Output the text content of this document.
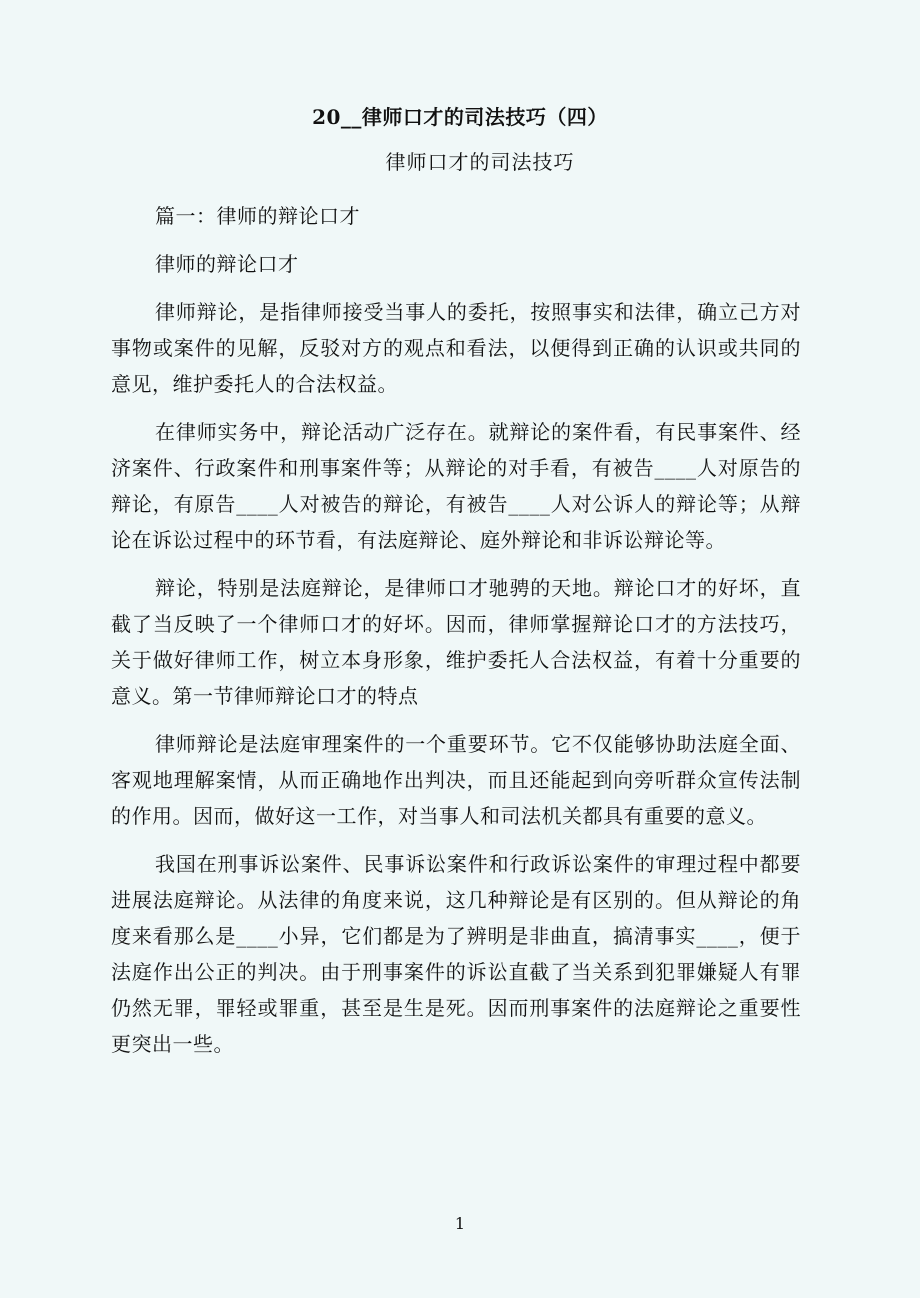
20__律师口才的司法技巧（四）
律师口才的司法技巧

篇一：律师的辩论口才

律师的辩论口才

律师辩论，是指律师接受当事人的委托，按照事实和法律，确立己方对事物或案件的见解，反驳对方的观点和看法，以便得到正确的认识或共同的意见，维护委托人的合法权益。

在律师实务中，辩论活动广泛存在。就辩论的案件看，有民事案件、经济案件、行政案件和刑事案件等；从辩论的对手看，有被告____人对原告的辩论，有原告____人对被告的辩论，有被告____人对公诉人的辩论等；从辩论在诉讼过程中的环节看，有法庭辩论、庭外辩论和非诉讼辩论等。

辩论，特别是法庭辩论，是律师口才驰骋的天地。辩论口才的好坏，直截了当反映了一个律师口才的好坏。因而，律师掌握辩论口才的方法技巧，关于做好律师工作，树立本身形象，维护委托人合法权益，有着十分重要的意义。第一节律师辩论口才的特点

律师辩论是法庭审理案件的一个重要环节。它不仅能够协助法庭全面、客观地理解案情，从而正确地作出判决，而且还能起到向旁听群众宣传法制的作用。因而，做好这一工作，对当事人和司法机关都具有重要的意义。

我国在刑事诉讼案件、民事诉讼案件和行政诉讼案件的审理过程中都要进展法庭辩论。从法律的角度来说，这几种辩论是有区别的。但从辩论的角度来看那么是____小异，它们都是为了辨明是非曲直，搞清事实____，便于法庭作出公正的判决。由于刑事案件的诉讼直截了当关系到犯罪嫌疑人有罪仍然无罪，罪轻或罪重，甚至是生是死。因而刑事案件的法庭辩论之重要性更突出一些。

1
